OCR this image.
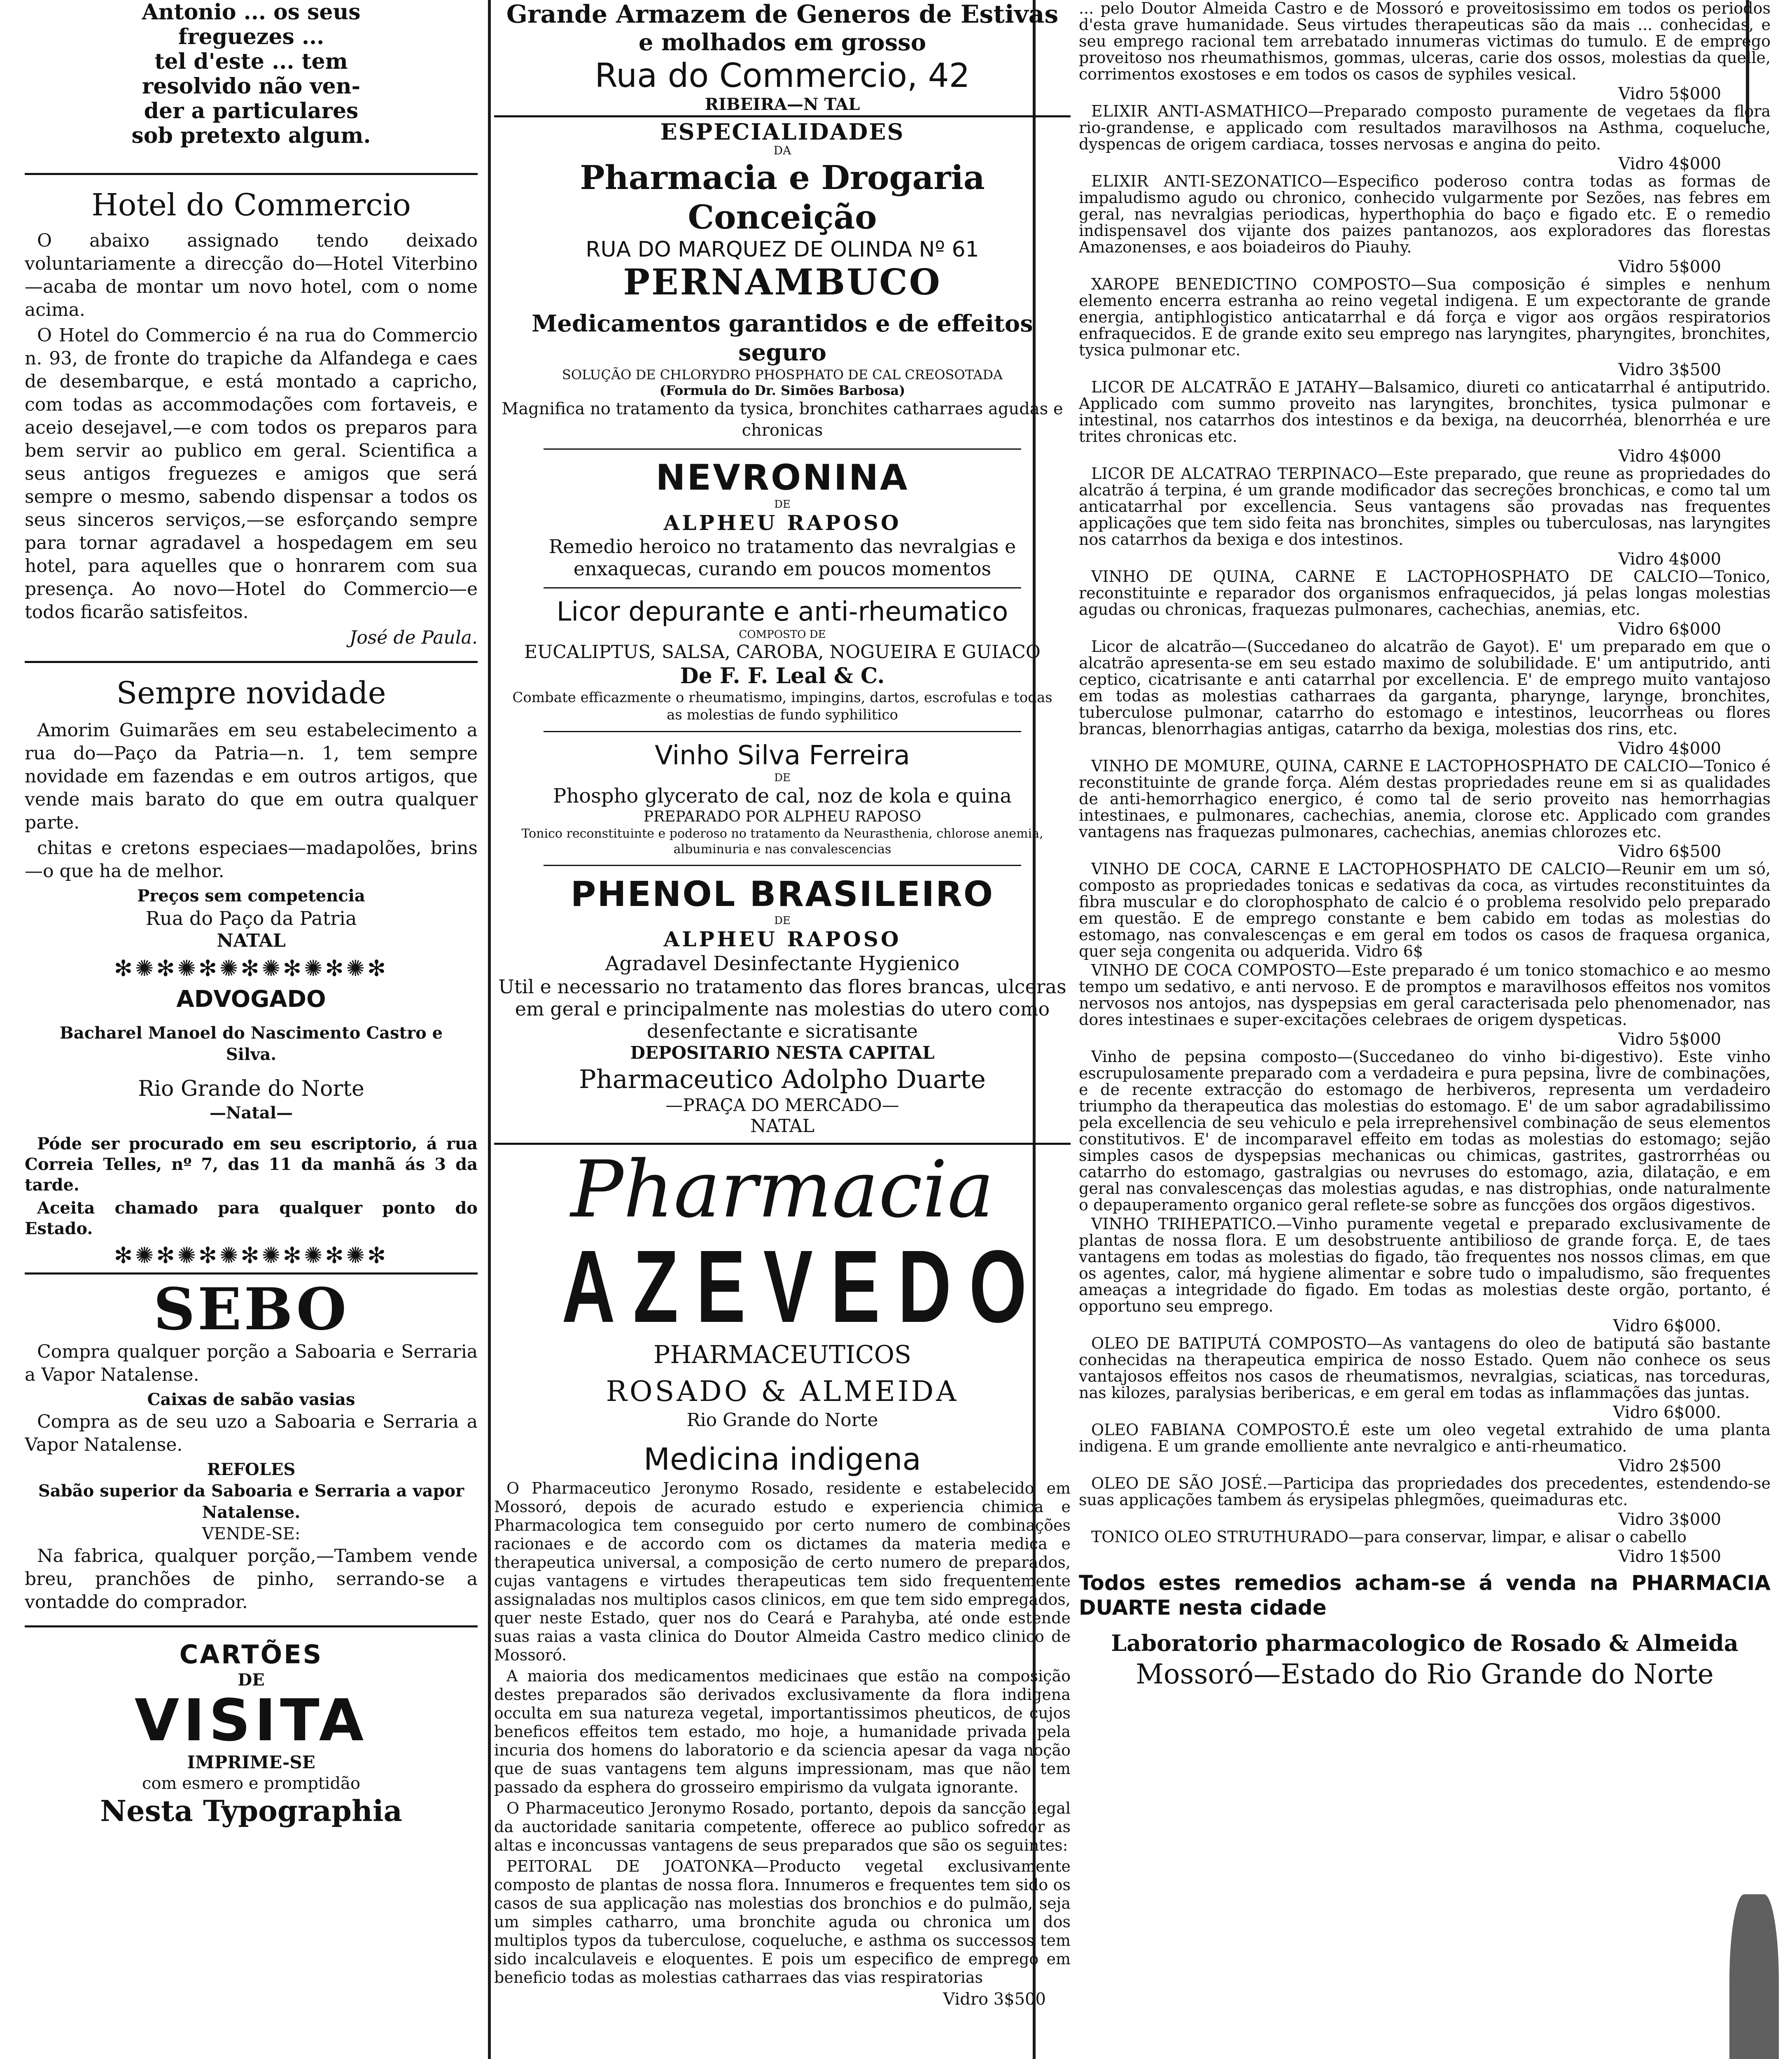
Antonio ... os seus
freguezes ...
tel d'este ... tem
resolvido não ven-
der a particulares
sob pretexto algum.
Hotel do Commercio

O abaixo assignado tendo deixado voluntariamente a direcção do—Hotel Viterbino—acaba de montar um novo hotel, com o nome acima.

O Hotel do Commercio é na rua do Commercio n. 93, de fronte do trapiche da Alfandega e caes de desembarque, e está montado a capricho, com todas as accommodações com fortaveis, e aceio desejavel,—e com todos os preparos para bem servir ao publico em geral. Scientifica a seus antigos freguezes e amigos que será sempre o mesmo, sabendo dispensar a todos os seus sinceros serviços,—se esforçando sempre para tornar agradavel a hospedagem em seu hotel, para aquelles que o honrarem com sua presença. Ao novo—Hotel do Commercio—e todos ficarão satisfeitos.

José de Paula.
Sempre novidade

Amorim Guimarães em seu estabelecimento a rua do—Paço da Patria—n. 1, tem sempre novidade em fazendas e em outros artigos, que vende mais barato do que em outra qualquer parte.

chitas e cretons especiaes—madapolões, brins—o que ha de melhor.

Preços sem competencia
Rua do Paço da Patria
NATAL
✻✺✻✺✻✺✻✺✻✺✻✺✻
ADVOGADO
Bacharel Manoel do Nascimento Castro e Silva.
Rio Grande do Norte
—Natal—

Póde ser procurado em seu escriptorio, á rua Correia Telles, nº 7, das 11 da manhã ás 3 da tarde.

Aceita chamado para qualquer ponto do Estado.

✻✺✻✺✻✺✻✺✻✺✻✺✻
SEBO

Compra qualquer porção a Saboaria e Serraria a Vapor Natalense.

Caixas de sabão vasias

Compra as de seu uzo a Saboaria e Serraria a Vapor Natalense.

REFOLES
Sabão superior da Saboaria e Serraria a vapor Natalense.
VENDE-SE:

Na fabrica, qualquer porção,—Tambem vende breu, pranchões de pinho, serrando-se a vontadde do comprador.

CARTÕES
DE
VISITA
IMPRIME-SE
com esmero e promptidão
Nesta Typographia
Grande Armazem de Generos de Estivas
e molhados em grosso
Rua do Commercio, 42
RIBEIRA—N TAL
ESPECIALIDADES
DA
Pharmacia e Drogaria Conceição
RUA DO MARQUEZ DE OLINDA Nº 61
PERNAMBUCO
Medicamentos garantidos e de effeitos seguro
SOLUÇÃO DE CHLORYDRO PHOSPHATO DE CAL CREOSOTADA
(Formula do Dr. Simões Barbosa)
Magnifica no tratamento da tysica, bronchites catharraes agudas e chronicas
NEVRONINA
DE
ALPHEU RAPOSO
Remedio heroico no tratamento das nevralgias e enxaquecas, curando em poucos momentos
Licor depurante e anti-rheumatico
COMPOSTO DE
EUCALIPTUS, SALSA, CAROBA, NOGUEIRA E GUIACO
De F. F. Leal & C.
Combate efficazmente o rheumatismo, impingins, dartos, escrofulas e todas as molestias de fundo syphilitico
Vinho Silva Ferreira
DE
Phospho glycerato de cal, noz de kola e quina
PREPARADO POR ALPHEU RAPOSO
Tonico reconstituinte e poderoso no tratamento da Neurasthenia, chlorose anemia, albuminuria e nas convalescencias
PHENOL BRASILEIRO
DE
ALPHEU RAPOSO
Agradavel Desinfectante Hygienico
Util e necessario no tratamento das flores brancas, ulceras em geral e principalmente nas molestias do utero como desenfectante e sicratisante
DEPOSITARIO NESTA CAPITAL
Pharmaceutico Adolpho Duarte
—PRAÇA DO MERCADO—
NATAL
Pharmacia
AZEVEDO
PHARMACEUTICOS
ROSADO & ALMEIDA
Rio Grande do Norte
Medicina indigena

O Pharmaceutico Jeronymo Rosado, residente e estabelecido em Mossoró, depois de acurado estudo e experiencia chimica e Pharmacologica tem conseguido por certo numero de combinações racionaes e de accordo com os dictames da materia medica e therapeutica universal, a composição de certo numero de preparados, cujas vantagens e virtudes therapeuticas tem sido frequentemente assignaladas nos multiplos casos clinicos, em que tem sido empregados, quer neste Estado, quer nos do Ceará e Parahyba, até onde estende suas raias a vasta clinica do Doutor Almeida Castro medico clinico de Mossoró.

A maioria dos medicamentos medicinaes que estão na composição destes preparados são derivados exclusivamente da flora indigena occulta em sua natureza vegetal, importantissimos pheuticos, de cujos beneficos effeitos tem estado, mo hoje, a humanidade privada pela incuria dos homens do laboratorio e da sciencia apesar da vaga noção que de suas vantagens tem alguns impressionam, mas que não tem passado da esphera do grosseiro empirismo da vulgata ignorante.

O Pharmaceutico Jeronymo Rosado, portanto, depois da sancção legal da auctoridade sanitaria competente, offerece ao publico sofredor as altas e inconcussas vantagens de seus preparados que são os seguintes:

PEITORAL DE JOATONKA—Producto vegetal exclusivamente composto de plantas de nossa flora. Innumeros e frequentes tem sido os casos de sua applicação nas molestias dos bronchios e do pulmão, seja um simples catharro, uma bronchite aguda ou chronica um dos multiplos typos da tuberculose, coqueluche, e asthma os successos tem sido incalculaveis e eloquentes. E pois um especifico de emprego em beneficio todas as molestias catharraes das vias respiratorias

Vidro 3$500

... pelo Doutor Almeida Castro e de Mossoró e proveitosissimo em todos os periodos d'esta grave humanidade. Seus virtudes therapeuticas são da mais ... conhecidas, e seu emprego racional tem arrebatado innumeras victimas do tumulo. E de emprego proveitoso nos rheumathismos, gommas, ulceras, carie dos ossos, molestias da quelle, corrimentos exostoses e em todos os casos de syphiles vesical.

Vidro 5$000

ELIXIR ANTI-ASMATHICO—Preparado composto puramente de vegetaes da flora rio-grandense, e applicado com resultados maravilhosos na Asthma, coqueluche, dyspencas de origem cardiaca, tosses nervosas e angina do peito.

Vidro 4$000

ELIXIR ANTI-SEZONATICO—Especifico poderoso contra todas as formas de impaludismo agudo ou chronico, conhecido vulgarmente por Sezões, nas febres em geral, nas nevralgias periodicas, hyperthophia do baço e figado etc. E o remedio indispensavel dos vijante dos paizes pantanozos, aos exploradores das florestas Amazonenses, e aos boiadeiros do Piauhy.

Vidro 5$000

XAROPE BENEDICTINO COMPOSTO—Sua composição é simples e nenhum elemento encerra estranha ao reino vegetal indigena. E um expectorante de grande energia, antiphlogistico anticatarrhal e dá força e vigor aos orgãos respiratorios enfraquecidos. E de grande exito seu emprego nas laryngites, pharyngites, bronchites, tysica pulmonar etc.

Vidro 3$500

LICOR DE ALCATRÃO E JATAHY—Balsamico, diureti co anticatarrhal é antiputrido. Applicado com summo proveito nas laryngites, bronchites, tysica pulmonar e intestinal, nos catarrhos dos intestinos e da bexiga, na deucorrhéa, blenorrhéa e ure trites chronicas etc.

Vidro 4$000

LICOR DE ALCATRAO TERPINACO—Este preparado, que reune as propriedades do alcatrão á terpina, é um grande modificador das secreções bronchicas, e como tal um anticatarrhal por excellencia. Seus vantagens são provadas nas frequentes applicações que tem sido feita nas bronchites, simples ou tuberculosas, nas laryngites nos catarrhos da bexiga e dos intestinos.

Vidro 4$000

VINHO DE QUINA, CARNE E LACTOPHOSPHATO DE CALCIO—Tonico, reconstituinte e reparador dos organismos enfraquecidos, já pelas longas molestias agudas ou chronicas, fraquezas pulmonares, cachechias, anemias, etc.

Vidro 6$000

Licor de alcatrão—(Succedaneo do alcatrão de Gayot). E' um preparado em que o alcatrão apresenta-se em seu estado maximo de solubilidade. E' um antiputrido, anti ceptico, cicatrisante e anti catarrhal por excellencia. E' de emprego muito vantajoso em todas as molestias catharraes da garganta, pharynge, larynge, bronchites, tuberculose pulmonar, catarrho do estomago e intestinos, leucorrheas ou flores brancas, blenorrhagias antigas, catarrho da bexiga, molestias dos rins, etc.

Vidro 4$000

VINHO DE MOMURE, QUINA, CARNE E LACTOPHOSPHATO DE CALCIO—Tonico é reconstituinte de grande força. Além destas propriedades reune em si as qualidades de anti-hemorrhagico energico, é como tal de serio proveito nas hemorrhagias intestinaes, e pulmonares, cachechias, anemia, clorose etc. Applicado com grandes vantagens nas fraquezas pulmonares, cachechias, anemias chlorozes etc.

Vidro 6$500

VINHO DE COCA, CARNE E LACTOPHOSPHATO DE CALCIO—Reunir em um só, composto as propriedades tonicas e sedativas da coca, as virtudes reconstituintes da fibra muscular e do clorophosphato de calcio é o problema resolvido pelo preparado em questão. E de emprego constante e bem cabido em todas as molestias do estomago, nas convalescenças e em geral em todos os casos de fraquesa organica, quer seja congenita ou adquerida. Vidro 6$

VINHO DE COCA COMPOSTO—Este preparado é um tonico stomachico e ao mesmo tempo um sedativo, e anti nervoso. E de promptos e maravilhosos effeitos nos vomitos nervosos nos antojos, nas dyspepsias em geral caracterisada pelo phenomenador, nas dores intestinaes e super-excitações celebraes de origem dyspeticas.

Vidro 5$000

Vinho de pepsina composto—(Succedaneo do vinho bi-digestivo). Este vinho escrupulosamente preparado com a verdadeira e pura pepsina, livre de combinações, e de recente extracção do estomago de herbiveros, representa um verdadeiro triumpho da therapeutica das molestias do estomago. E' de um sabor agradabilissimo pela excellencia de seu vehiculo e pela irreprehensivel combinação de seus elementos constitutivos. E' de incomparavel effeito em todas as molestias do estomago; sejão simples casos de dyspepsias mechanicas ou chimicas, gastrites, gastrorrhéas ou catarrho do estomago, gastralgias ou nevruses do estomago, azia, dilatação, e em geral nas convalescenças das molestias agudas, e nas distrophias, onde naturalmente o depauperamento organico geral reflete-se sobre as funcções dos orgãos digestivos.

VINHO TRIHEPATICO.—Vinho puramente vegetal e preparado exclusivamente de plantas de nossa flora. E um desobstruente antibilioso de grande força. E, de taes vantagens em todas as molestias do figado, tão frequentes nos nossos climas, em que os agentes, calor, má hygiene alimentar e sobre tudo o impaludismo, são frequentes ameaças a integridade do figado. Em todas as molestias deste orgão, portanto, é opportuno seu emprego.

Vidro 6$000.

OLEO DE BATIPUTÁ COMPOSTO—As vantagens do oleo de batiputá são bastante conhecidas na therapeutica empirica de nosso Estado. Quem não conhece os seus vantajosos effeitos nos casos de rheumatismos, nevralgias, sciaticas, nas torceduras, nas kilozes, paralysias beribericas, e em geral em todas as inflammações das juntas.

Vidro 6$000.

OLEO FABIANA COMPOSTO.É este um oleo vegetal extrahido de uma planta indigena. E um grande emolliente ante nevralgico e anti-rheumatico.

Vidro 2$500

OLEO DE SÃO JOSÉ.—Participa das propriedades dos precedentes, estendendo-se suas applicações tambem ás erysipelas phlegmões, queimaduras etc.

Vidro 3$000

TONICO OLEO STRUTHURADO—para conservar, limpar, e alisar o cabello

Vidro 1$500
Todos estes remedios acham-se á venda na PHARMACIA DUARTE nesta cidade
Laboratorio pharmacologico de Rosado & Almeida
Mossoró—Estado do Rio Grande do Norte
